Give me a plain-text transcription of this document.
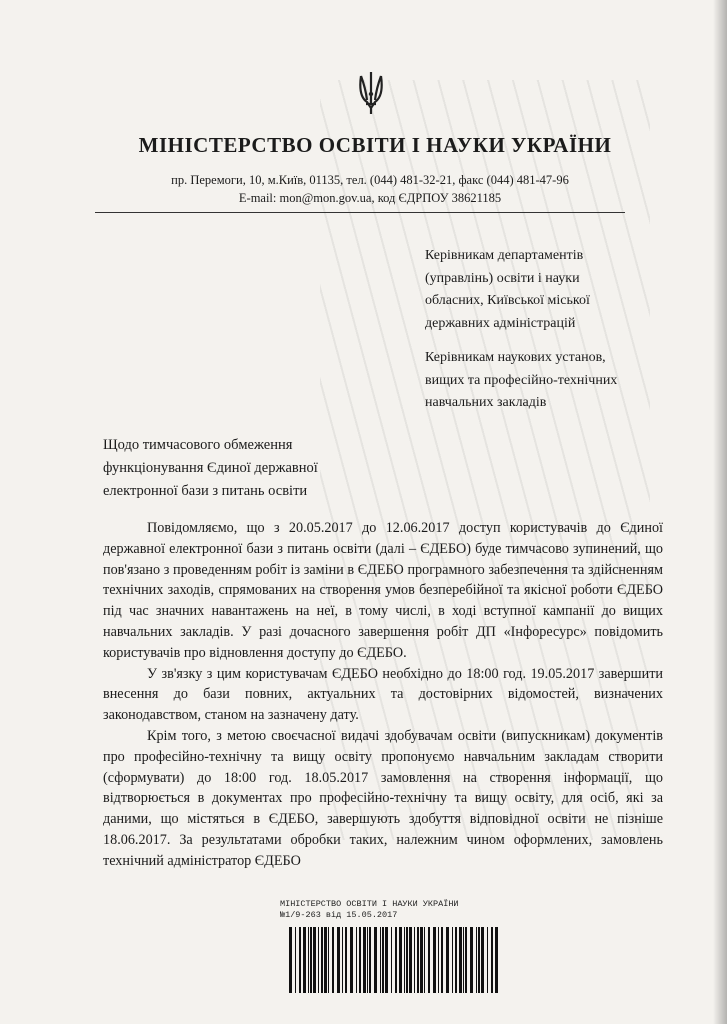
МІНІСТЕРСТВО ОСВІТИ І НАУКИ УКРАЇНИ
пр. Перемоги, 10, м.Київ, 01135, тел. (044) 481-32-21, факс (044) 481-47-96
E-mail: mon@mon.gov.ua, код ЄДРПОУ 38621185

Керівникам департаментів

(управлінь) освіти і науки

обласних, Київської міської

державних адміністрацій

Керівникам наукових установ,

вищих та професійно-технічних

навчальних закладів

Щодо тимчасового обмеження

функціонування Єдиної державної

електронної бази з питань освіти

Повідомляємо, що з 20.05.2017 до 12.06.2017 доступ користувачів до Єдиної державної електронної бази з питань освіти (далі – ЄДЕБО) буде тимчасово зупинений, що пов'язано з проведенням робіт із заміни в ЄДЕБО програмного забезпечення та здійсненням технічних заходів, спрямованих на створення умов безперебійної та якісної роботи ЄДЕБО під час значних навантажень на неї, в тому числі, в ході вступної кампанії до вищих навчальних закладів. У разі дочасного завершення робіт ДП «Інфоресурс» повідомить користувачів про відновлення доступу до ЄДЕБО.

У зв'язку з цим користувачам ЄДЕБО необхідно до 18:00 год. 19.05.2017 завершити внесення до бази повних, актуальних та достовірних відомостей, визначених законодавством, станом на зазначену дату.

Крім того, з метою своєчасної видачі здобувачам освіти (випускникам) документів про професійно-технічну та вищу освіту пропонуємо навчальним закладам створити (сформувати) до 18:00 год. 18.05.2017 замовлення на створення інформації, що відтворюється в документах про професійно-технічну та вищу освіту, для осіб, які за даними, що містяться в ЄДЕБО, завершують здобуття відповідної освіти не пізніше 18.06.2017. За результатами обробки таких, належним чином оформлених, замовлень технічний адміністратор ЄДЕБО

МІНІСТЕРСТВО ОСВІТИ І НАУКИ УКРАЇНИ
№1/9-263 від 15.05.2017
